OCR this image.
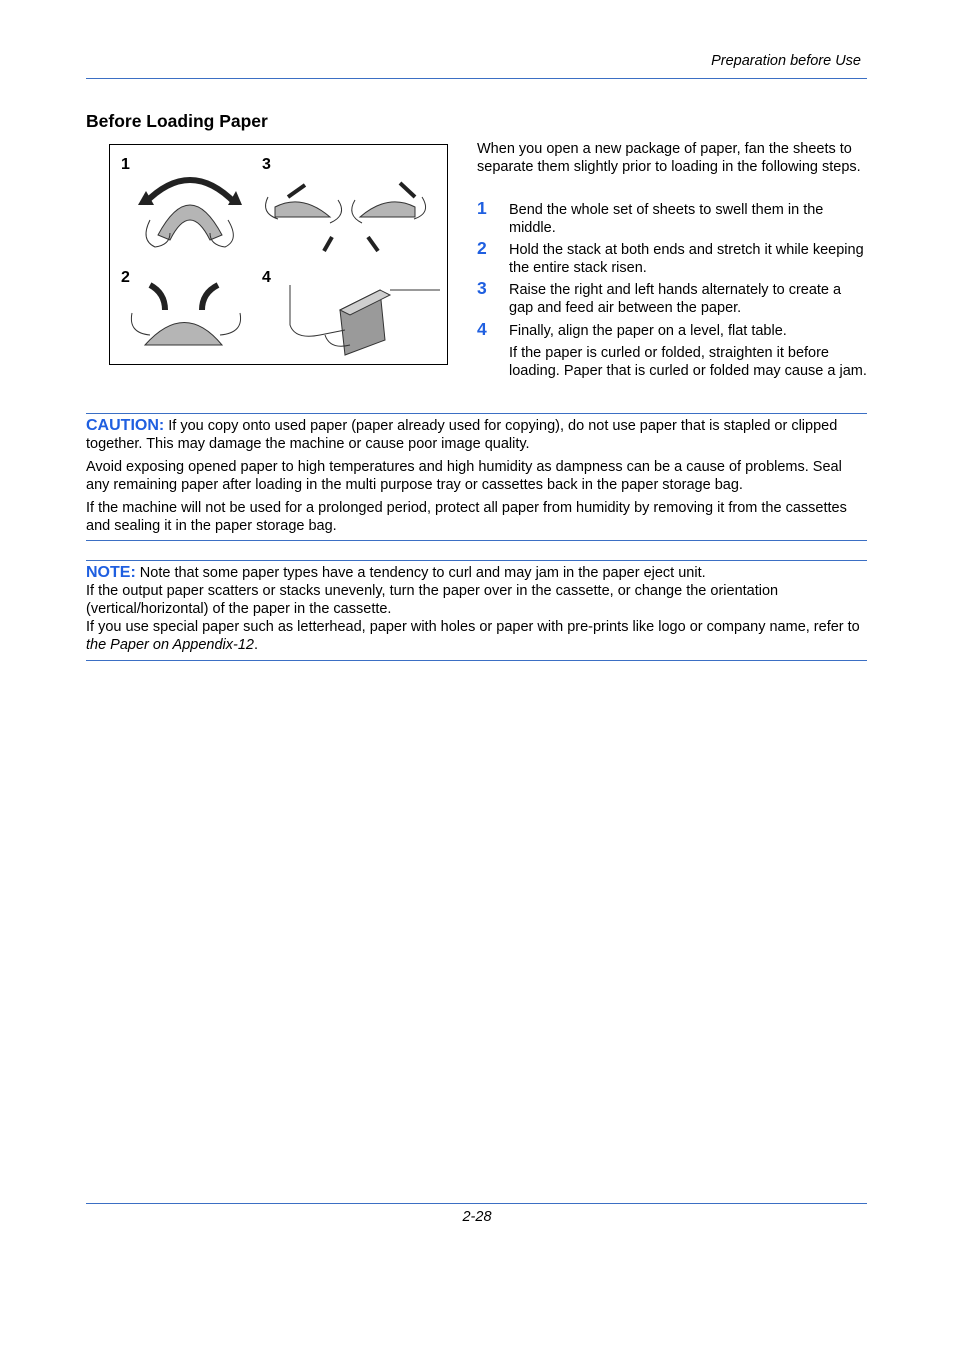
Preparation before Use
Before Loading Paper
1	3
2	4
When you open a new package of paper, fan the sheets to separate them slightly prior to loading in the following steps.
1 Bend the whole set of sheets to swell them in the middle.
2 Hold the stack at both ends and stretch it while keeping the entire stack risen.
3 Raise the right and left hands alternately to create a gap and feed air between the paper.
4 Finally, align the paper on a level, flat table.
If the paper is curled or folded, straighten it before loading. Paper that is curled or folded may cause a jam.
CAUTION: If you copy onto used paper (paper already used for copying), do not use paper that is stapled or clipped together. This may damage the machine or cause poor image quality.
Avoid exposing opened paper to high temperatures and high humidity as dampness can be a cause of problems. Seal any remaining paper after loading in the multi purpose tray or cassettes back in the paper storage bag.
If the machine will not be used for a prolonged period, protect all paper from humidity by removing it from the cassettes and sealing it in the paper storage bag.
NOTE: Note that some paper types have a tendency to curl and may jam in the paper eject unit.
If the output paper scatters or stacks unevenly, turn the paper over in the cassette, or change the orientation (vertical/horizontal) of the paper in the cassette.
If you use special paper such as letterhead, paper with holes or paper with pre-prints like logo or company name, refer to the Paper on Appendix-12.
2-28
